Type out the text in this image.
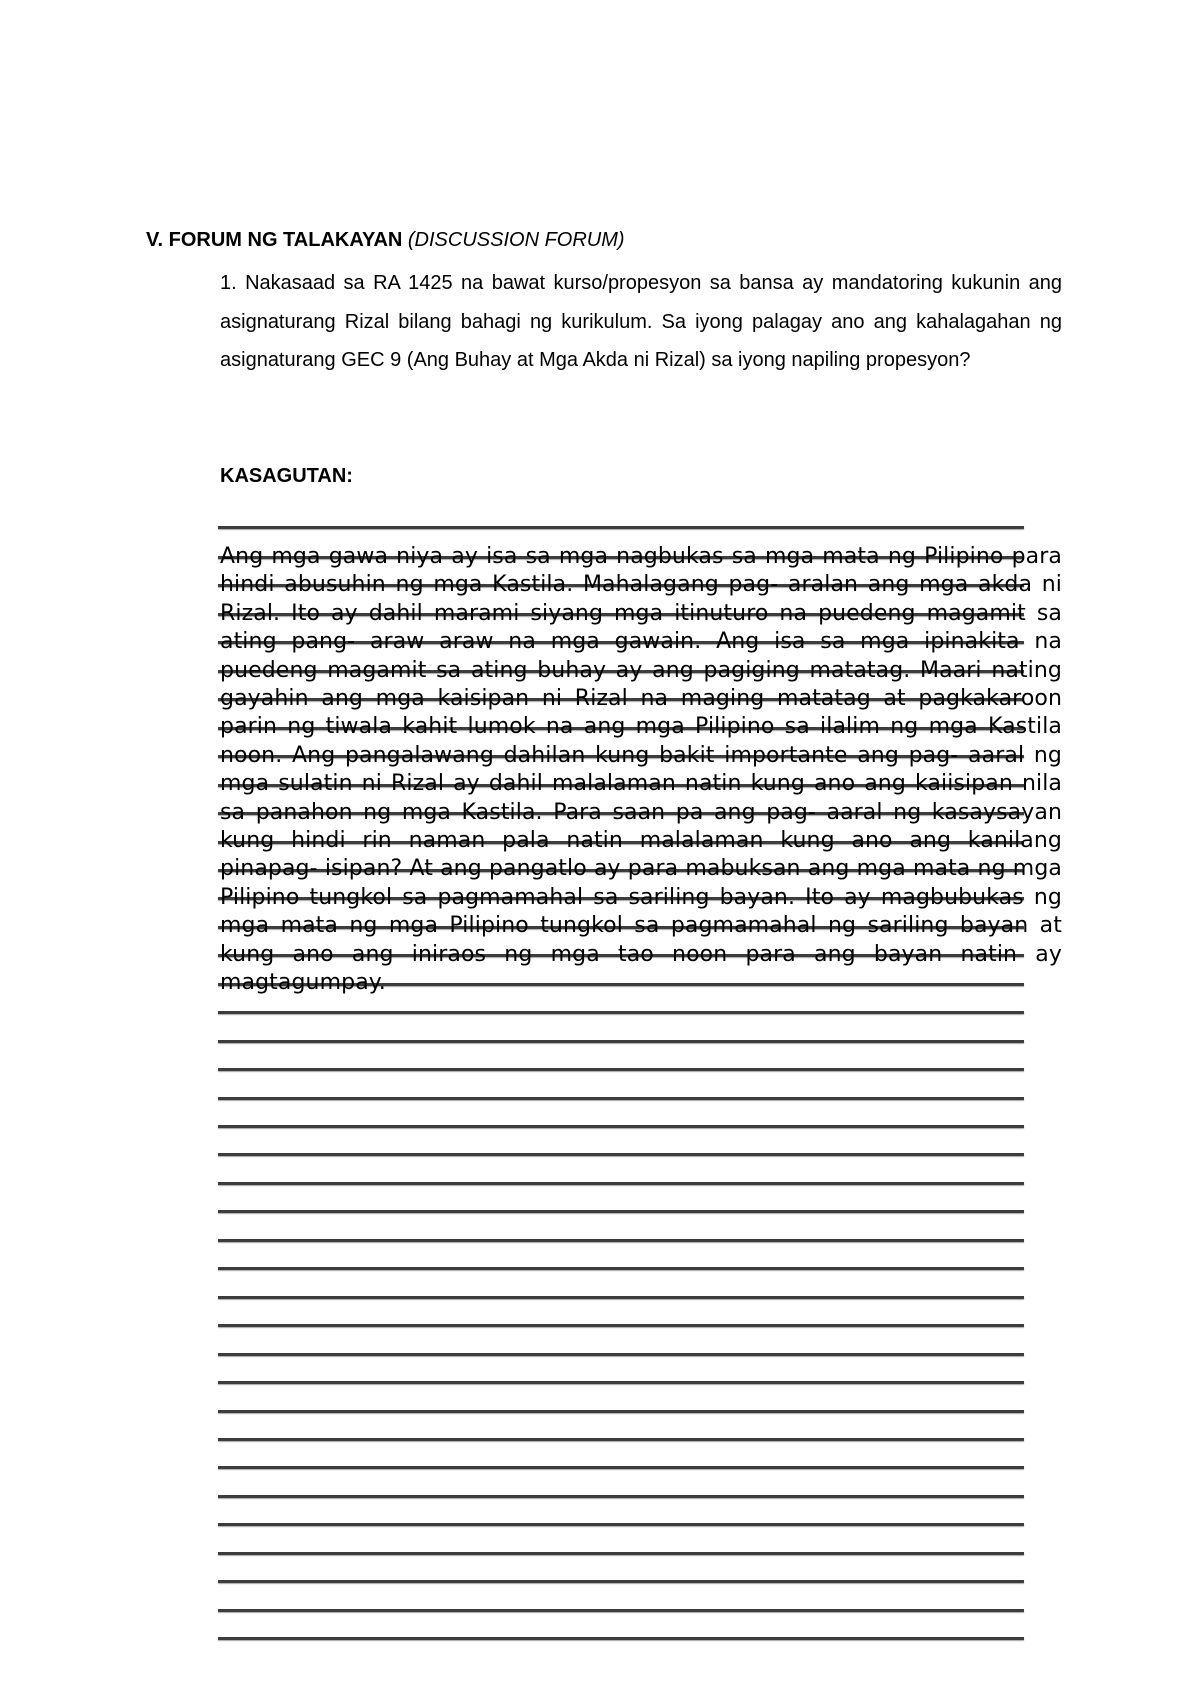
V. FORUM NG TALAKAYAN (DISCUSSION FORUM)
1. Nakasaad sa RA 1425 na bawat kurso/propesyon sa bansa ay mandatoring kukunin ang asignaturang Rizal bilang bahagi ng kurikulum. Sa iyong palagay ano ang kahalagahan ng asignaturang GEC 9 (Ang Buhay at Mga Akda ni Rizal) sa iyong napiling propesyon?
KASAGUTAN:
Ang mga gawa niya ay isa sa mga nagbukas sa mga mata ng Pilipino para hindi abusuhin ng mga Kastila. Mahalagang pag- aralan ang mga akda ni Rizal. Ito ay dahil marami siyang mga itinuturo na puedeng magamit sa ating pang- araw araw na mga gawain. Ang isa sa mga ipinakita na puedeng magamit sa ating buhay ay ang pagiging matatag. Maari nating gayahin ang mga kaisipan ni Rizal na maging matatag at pagkakaroon parin ng tiwala kahit lumok na ang mga Pilipino sa ilalim ng mga Kastila noon. Ang pangalawang dahilan kung bakit importante ang pag- aaral ng mga sulatin ni Rizal ay dahil malalaman natin kung ano ang kaiisipan nila sa panahon ng mga Kastila. Para saan pa ang pag- aaral ng kasaysayan kung hindi rin naman pala natin malalaman kung ano ang kanilang pinapag- isipan? At ang pangatlo ay para mabuksan ang mga mata ng mga Pilipino tungkol sa pagmamahal sa sariling bayan. Ito ay magbubukas ng mga mata ng mga Pilipino tungkol sa pagmamahal ng sariling bayan at kung ano ang iniraos ng mga tao noon para ang bayan natin ay magtagumpay.
